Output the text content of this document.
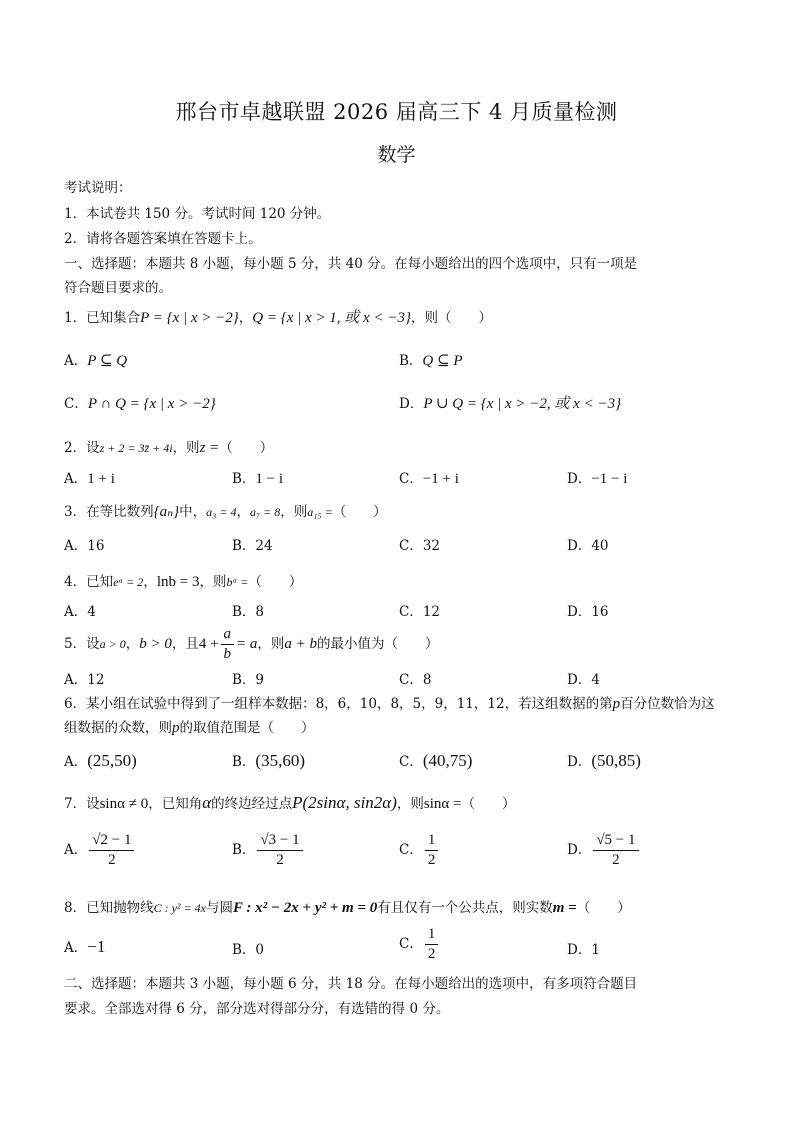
邢台市卓越联盟 2026 届高三下 4 月质量检测
数学
考试说明：
1．本试卷共 150 分。考试时间 120 分钟。
2．请将各题答案填在答题卡上。
一、选择题：本题共 8 小题，每小题 5 分，共 40 分。在每小题给出的四个选项中，只有一项是
符合题目要求的。
1．已知集合P = {x | x > −2}，Q = {x | x > 1, 或 x < −3}，则（　　）
A．P ⊆ Q	B．Q ⊆ P
C．P ∩ Q = {x | x > −2}	D．P ∪ Q = {x | x > −2, 或 x < −3}
2．设z + 2 = 3z̄ + 4i，则z =（　　）
A．1 + i	B．1 − i	C．−1 + i	D．−1 − i
3．在等比数列{aₙ}中，a₃ = 4，a₇ = 8，则a₁₅ =（　　）
A．16	B．24	C．32	D．40
4．已知eᵃ = 2，lnb = 3，则bᵃ =（　　）
A．4	B．8	C．12	D．16
5．设a > 0，b > 0，且$4 + \frac{a}{b} = a$，则a + b的最小值为（　　）
A．12	B．9	C．8	D．4
6．某小组在试验中得到了一组样本数据：8，6，10，8，5，9，11，12，若这组数据的第p百分位数恰为这
组数据的众数，则p的取值范围是（　　）
A．(25,50)	B．(35,60)	C．(40,75)	D．(50,85)
7．设sinα ≠ 0，已知角α的终边经过点P(2sinα, sin2α)，则sinα =（　　）
A． $\frac{√2 - 1}{2}$	B． $\frac{√3 - 1}{2}$	C． $\frac{1}{2}$	D． $\frac{√5 - 1}{2}$
8．已知抛物线C : y² = 4x与圆F : x² − 2x + y² + m = 0有且仅有一个公共点，则实数m =（　　）
A．−1	B．0	C． $\frac{1}{2}$	D．1
二、选择题：本题共 3 小题，每小题 6 分，共 18 分。在每小题给出的选项中，有多项符合题目
要求。全部选对得 6 分，部分选对得部分分，有选错的得 0 分。
